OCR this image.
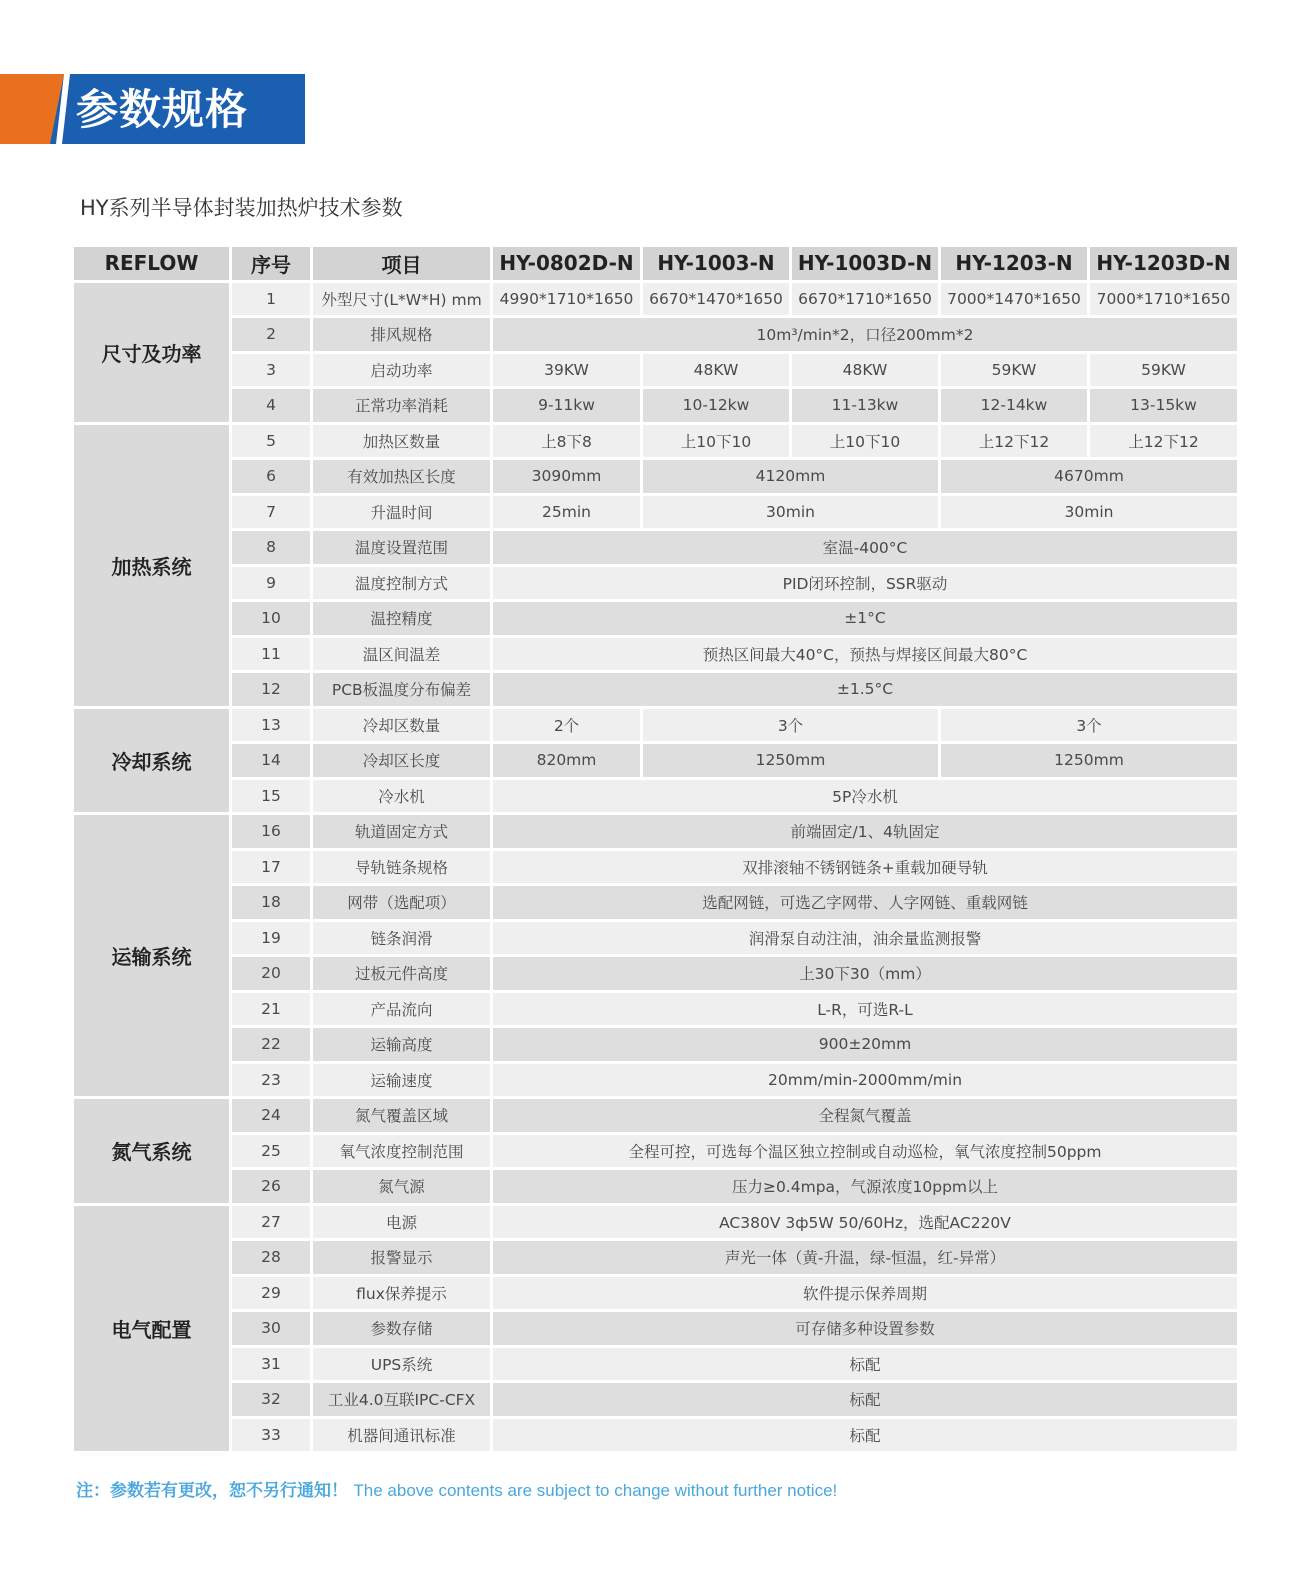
参数规格
HY系列半导体封装加热炉技术参数
REFLOW	序号	项目	HY-0802D-N	HY-1003-N	HY-1003D-N	HY-1203-N	HY-1203D-N
尺寸及功率	1	外型尺寸(L*W*H) mm	4990*1710*1650	6670*1470*1650	6670*1710*1650	7000*1470*1650	7000*1710*1650
	2	排风规格	10m³/min*2，口径200mm*2				
	3	启动功率	39KW	48KW	48KW	59KW	59KW
	4	正常功率消耗	9-11kw	10-12kw	11-13kw	12-14kw	13-15kw
加热系统	5	加热区数量	上8下8	上10下10	上10下10	上12下12	上12下12
	6	有效加热区长度	3090mm	4120mm		4670mm	
	7	升温时间	25min	30min		30min	
	8	温度设置范围	室温-400°C				
	9	温度控制方式	PID闭环控制，SSR驱动				
	10	温控精度	±1°C				
	11	温区间温差	预热区间最大40°C，预热与焊接区间最大80°C				
	12	PCB板温度分布偏差	±1.5°C				
冷却系统	13	冷却区数量	2个	3个		3个	
	14	冷却区长度	820mm	1250mm		1250mm	
	15	冷水机	5P冷水机				
运输系统	16	轨道固定方式	前端固定/1、4轨固定				
	17	导轨链条规格	双排滚轴不锈钢链条+重载加硬导轨				
	18	网带（选配项）	选配网链，可选乙字网带、人字网链、重载网链				
	19	链条润滑	润滑泵自动注油，油余量监测报警				
	20	过板元件高度	上30下30（mm）				
	21	产品流向	L-R，可选R-L				
	22	运输高度	900±20mm				
	23	运输速度	20mm/min-2000mm/min				
氮气系统	24	氮气覆盖区域	全程氮气覆盖				
	25	氧气浓度控制范围	全程可控，可选每个温区独立控制或自动巡检，氧气浓度控制50ppm				
	26	氮气源	压力≥0.4mpa，气源浓度10ppm以上				
电气配置	27	电源	AC380V 3ф5W 50/60Hz，选配AC220V				
	28	报警显示	声光一体（黄-升温，绿-恒温，红-异常）				
	29	flux保养提示	软件提示保养周期				
	30	参数存储	可存储多种设置参数				
	31	UPS系统	标配				
	32	工业4.0互联IPC-CFX	标配				
	33	机器间通讯标准	标配				

注：参数若有更改，恕不另行通知！ The above contents are subject to change without further notice!
